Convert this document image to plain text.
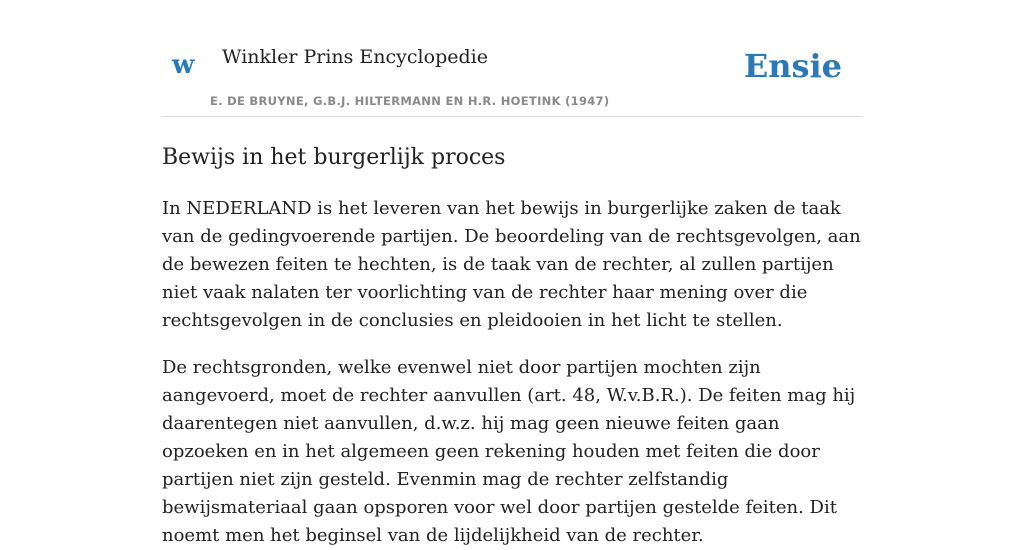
w Winkler Prins Encyclopedie
E. DE BRUYNE, G.B.J. HILTERMANN EN H.R. HOETINK (1947)
Ensie
Bewijs in het burgerlijk proces

In NEDERLAND is het leveren van het bewijs in burgerlijke zaken de taak van de gedingvoerende partijen. De beoordeling van de rechtsgevolgen, aan de bewezen feiten te hechten, is de taak van de rechter, al zullen partijen niet vaak nalaten ter voorlichting van de rechter haar mening over die rechtsgevolgen in de conclusies en pleidooien in het licht te stellen.

De rechtsgronden, welke evenwel niet door partijen mochten zijn aangevoerd, moet de rechter aanvullen (art. 48, W.v.B.R.). De feiten mag hij daarentegen niet aanvullen, d.w.z. hij mag geen nieuwe feiten gaan opzoeken en in het algemeen geen rekening houden met feiten die door partijen niet zijn gesteld. Evenmin mag de rechter zelfstandig bewijsmateriaal gaan opsporen voor wel door partijen gestelde feiten. Dit noemt men het beginsel van de lijdelijkheid van de rechter.
